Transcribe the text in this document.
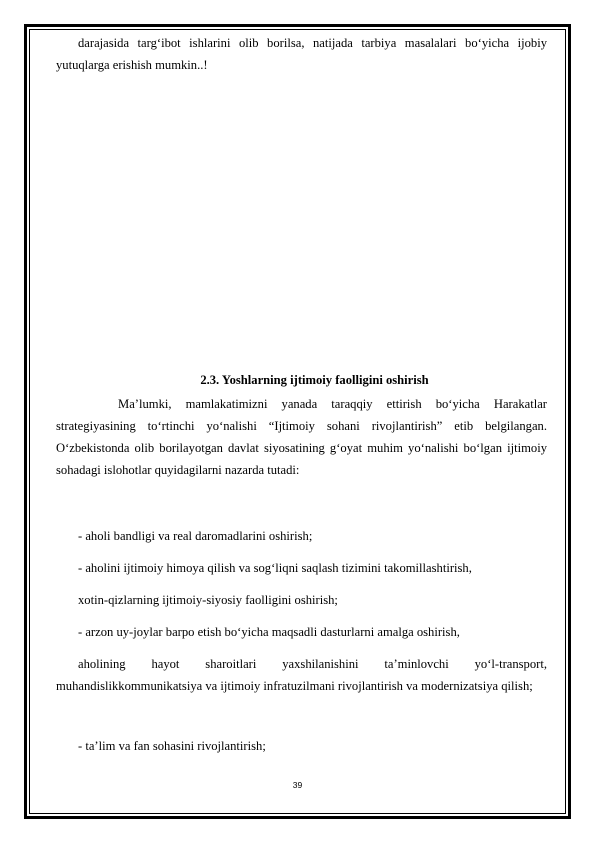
darajasida targ‘ibot ishlarini olib borilsa, natijada tarbiya masalalari bo‘yicha ijobiy yutuqlarga erishish mumkin..!

2.3. Yoshlarning ijtimoiy faolligini oshirish

Ma’lumki, mamlakatimizni yanada taraqqiy ettirish bo‘yicha Harakatlar strategiyasining to‘rtinchi yo‘nalishi “Ijtimoiy sohani rivojlantirish” etib belgilangan. O‘zbekistonda olib borilayotgan davlat siyosatining g‘oyat muhim yo‘nalishi bo‘lgan ijtimoiy sohadagi islohotlar quyidagilarni nazarda tutadi:

- aholi bandligi va real daromadlarini oshirish;

- aholini ijtimoiy himoya qilish va sog‘liqni saqlash tizimini takomillashtirish,

xotin-qizlarning ijtimoiy-siyosiy faolligini oshirish;

- arzon uy-joylar barpo etish bo‘yicha maqsadli dasturlarni amalga oshirish,

aholining hayot sharoitlari yaxshilanishini ta’minlovchi yo‘l-transport, muhandislikkommunikatsiya va ijtimoiy infratuzilmani rivojlantirish va modernizatsiya qilish;

- ta’lim va fan sohasini rivojlantirish;

39
